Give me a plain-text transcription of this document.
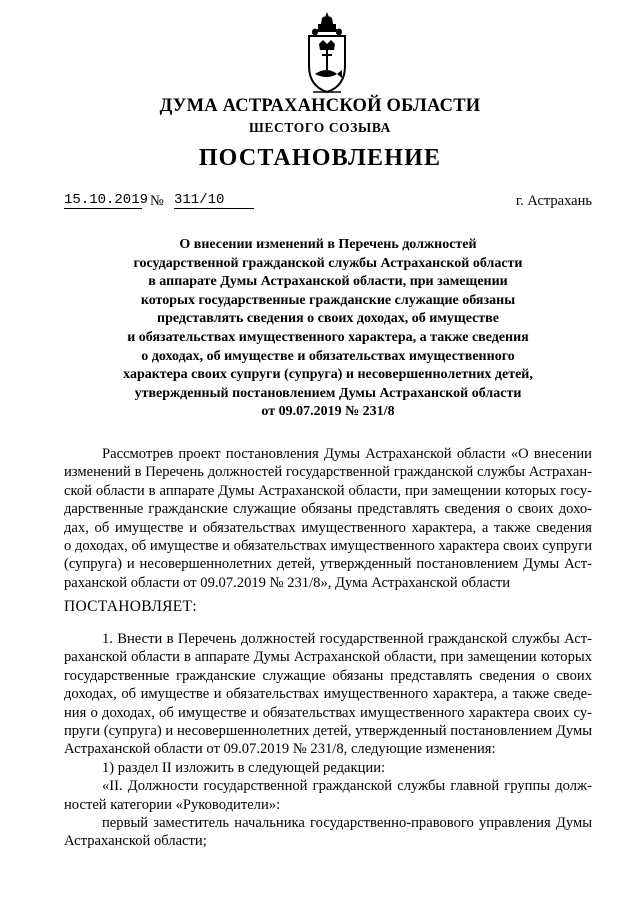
ДУМА АСТРАХАНСКОЙ ОБЛАСТИ
ШЕСТОГО СОЗЫВА
ПОСТАНОВЛЕНИЕ
15.10.2019 № 311/10	г. Астрахань
О внесении изменений в Перечень должностей
государственной гражданской службы Астраханской области
в аппарате Думы Астраханской области, при замещении
которых государственные гражданские служащие обязаны
представлять сведения о своих доходах, об имуществе
и обязательствах имущественного характера, а также сведения
о доходах, об имуществе и обязательствах имущественного
характера своих супруги (супруга) и несовершеннолетних детей,
утвержденный постановлением Думы Астраханской области
от 09.07.2019 № 231/8
Рассмотрев проект постановления Думы Астраханской области «О внесении
изменений в Перечень должностей государственной гражданской службы Астрахан-
ской области в аппарате Думы Астраханской области, при замещении которых госу-
дарственные гражданские служащие обязаны представлять сведения о своих дохо-
дах, об имуществе и обязательствах имущественного характера, а также сведения
о доходах, об имуществе и обязательствах имущественного характера своих супруги
(супруга) и несовершеннолетних детей, утвержденный постановлением Думы Аст-
раханской области от 09.07.2019 № 231/8», Дума Астраханской области
ПОСТАНОВЛЯЕТ:
1. Внести в Перечень должностей государственной гражданской службы Аст-
раханской области в аппарате Думы Астраханской области, при замещении которых
государственные гражданские служащие обязаны представлять сведения о своих
доходах, об имуществе и обязательствах имущественного характера, а также сведе-
ния о доходах, об имуществе и обязательствах имущественного характера своих су-
пруги (супруга) и несовершеннолетних детей, утвержденный постановлением Думы
Астраханской области от 09.07.2019 № 231/8, следующие изменения:
1) раздел II изложить в следующей редакции:
«II. Должности государственной гражданской службы главной группы долж-
ностей категории «Руководители»:
первый заместитель начальника государственно-правового управления Думы
Астраханской области;
